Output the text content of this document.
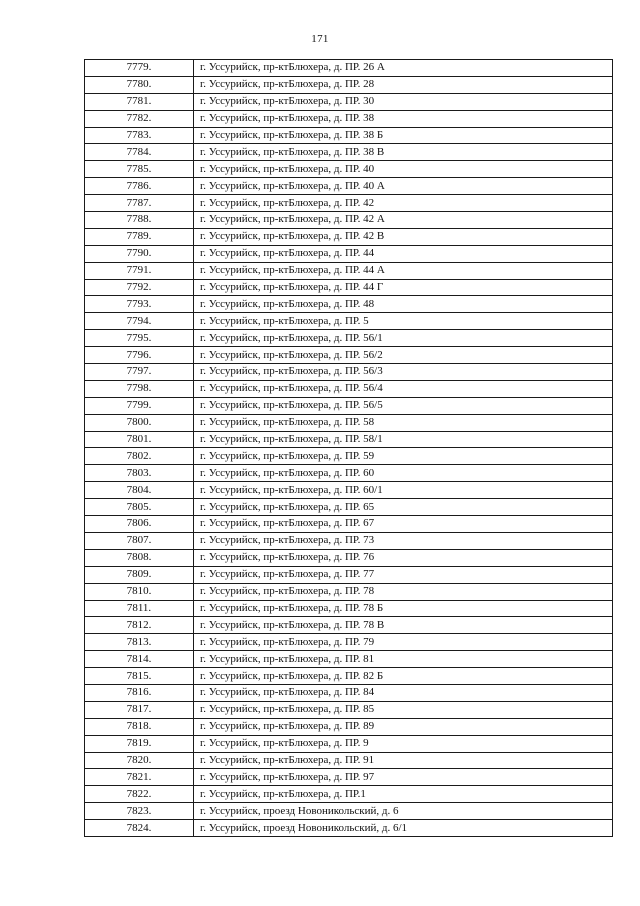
171
7779.	г. Уссурийск, пр-ктБлюхера, д. ПР. 26 А
7780.	г. Уссурийск, пр-ктБлюхера, д. ПР. 28
7781.	г. Уссурийск, пр-ктБлюхера, д. ПР. 30
7782.	г. Уссурийск, пр-ктБлюхера, д. ПР. 38
7783.	г. Уссурийск, пр-ктБлюхера, д. ПР. 38 Б
7784.	г. Уссурийск, пр-ктБлюхера, д. ПР. 38 В
7785.	г. Уссурийск, пр-ктБлюхера, д. ПР. 40
7786.	г. Уссурийск, пр-ктБлюхера, д. ПР. 40 А
7787.	г. Уссурийск, пр-ктБлюхера, д. ПР. 42
7788.	г. Уссурийск, пр-ктБлюхера, д. ПР. 42 А
7789.	г. Уссурийск, пр-ктБлюхера, д. ПР. 42 В
7790.	г. Уссурийск, пр-ктБлюхера, д. ПР. 44
7791.	г. Уссурийск, пр-ктБлюхера, д. ПР. 44 А
7792.	г. Уссурийск, пр-ктБлюхера, д. ПР. 44 Г
7793.	г. Уссурийск, пр-ктБлюхера, д. ПР. 48
7794.	г. Уссурийск, пр-ктБлюхера, д. ПР. 5
7795.	г. Уссурийск, пр-ктБлюхера, д. ПР. 56/1
7796.	г. Уссурийск, пр-ктБлюхера, д. ПР. 56/2
7797.	г. Уссурийск, пр-ктБлюхера, д. ПР. 56/3
7798.	г. Уссурийск, пр-ктБлюхера, д. ПР. 56/4
7799.	г. Уссурийск, пр-ктБлюхера, д. ПР. 56/5
7800.	г. Уссурийск, пр-ктБлюхера, д. ПР. 58
7801.	г. Уссурийск, пр-ктБлюхера, д. ПР. 58/1
7802.	г. Уссурийск, пр-ктБлюхера, д. ПР. 59
7803.	г. Уссурийск, пр-ктБлюхера, д. ПР. 60
7804.	г. Уссурийск, пр-ктБлюхера, д. ПР. 60/1
7805.	г. Уссурийск, пр-ктБлюхера, д. ПР. 65
7806.	г. Уссурийск, пр-ктБлюхера, д. ПР. 67
7807.	г. Уссурийск, пр-ктБлюхера, д. ПР. 73
7808.	г. Уссурийск, пр-ктБлюхера, д. ПР. 76
7809.	г. Уссурийск, пр-ктБлюхера, д. ПР. 77
7810.	г. Уссурийск, пр-ктБлюхера, д. ПР. 78
7811.	г. Уссурийск, пр-ктБлюхера, д. ПР. 78 Б
7812.	г. Уссурийск, пр-ктБлюхера, д. ПР. 78 В
7813.	г. Уссурийск, пр-ктБлюхера, д. ПР. 79
7814.	г. Уссурийск, пр-ктБлюхера, д. ПР. 81
7815.	г. Уссурийск, пр-ктБлюхера, д. ПР. 82 Б
7816.	г. Уссурийск, пр-ктБлюхера, д. ПР. 84
7817.	г. Уссурийск, пр-ктБлюхера, д. ПР. 85
7818.	г. Уссурийск, пр-ктБлюхера, д. ПР. 89
7819.	г. Уссурийск, пр-ктБлюхера, д. ПР. 9
7820.	г. Уссурийск, пр-ктБлюхера, д. ПР. 91
7821.	г. Уссурийск, пр-ктБлюхера, д. ПР. 97
7822.	г. Уссурийск, пр-ктБлюхера, д. ПР.1
7823.	г. Уссурийск, проезд Новоникольский, д. 6
7824.	г. Уссурийск, проезд Новоникольский, д. 6/1
